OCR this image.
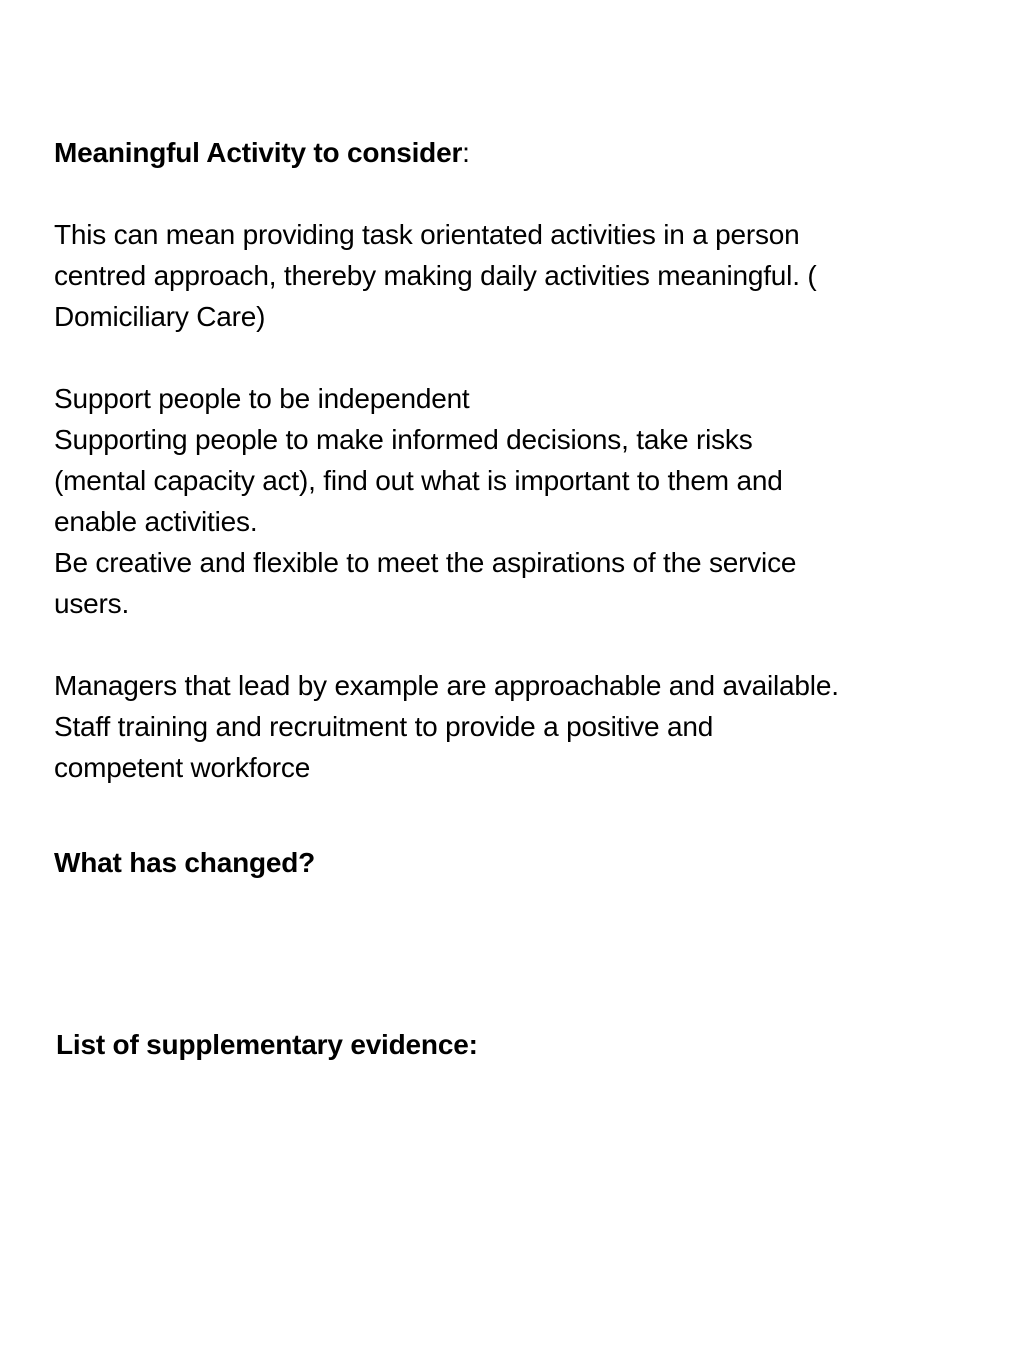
Meaningful Activity to consider:
This can mean providing task orientated activities in a person
centred approach, thereby making daily activities meaningful. (
Domiciliary Care)
Support people to be independent
Supporting people to make informed decisions, take risks
(mental capacity act), find out what is important to them and
enable activities.
Be creative and flexible to meet the aspirations of the service
users.
Managers that lead by example are approachable and available.
Staff training and recruitment to provide a positive and
competent workforce
What has changed?
List of supplementary evidence:
